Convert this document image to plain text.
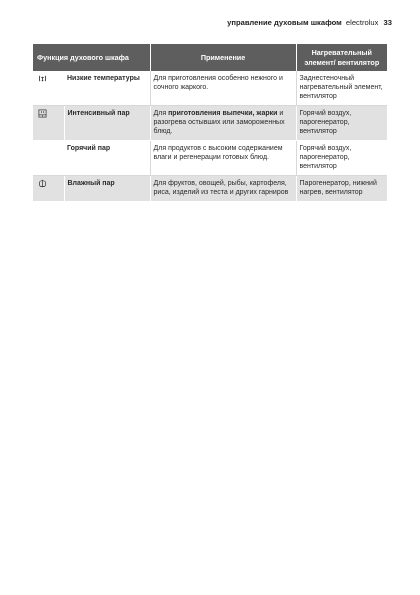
управление духовым шкафом electrolux 33
Функция духового шкафа		Применение	Нагревательный элемент/ вентилятор
	Низкие температуры	Для приготовления особенно нежного и сочного жаркого.	Заднестеночный нагревательный элемент, вентилятор
	Интенсивный пар	Для приготовления выпечки, жарки и разогрева остывших или замороженных блюд.	Горячий воздух, парогенератор, вентилятор
	Горячий пар	Для продуктов с высоким содержанием влаги и регенерации готовых блюд.	Горячий воздух, парогенератор, вентилятор
	Влажный пар	Для фруктов, овощей, рыбы, картофеля, риса, изделий из теста и других гарниров	Парогенератор, нижний нагрев, вентилятор
